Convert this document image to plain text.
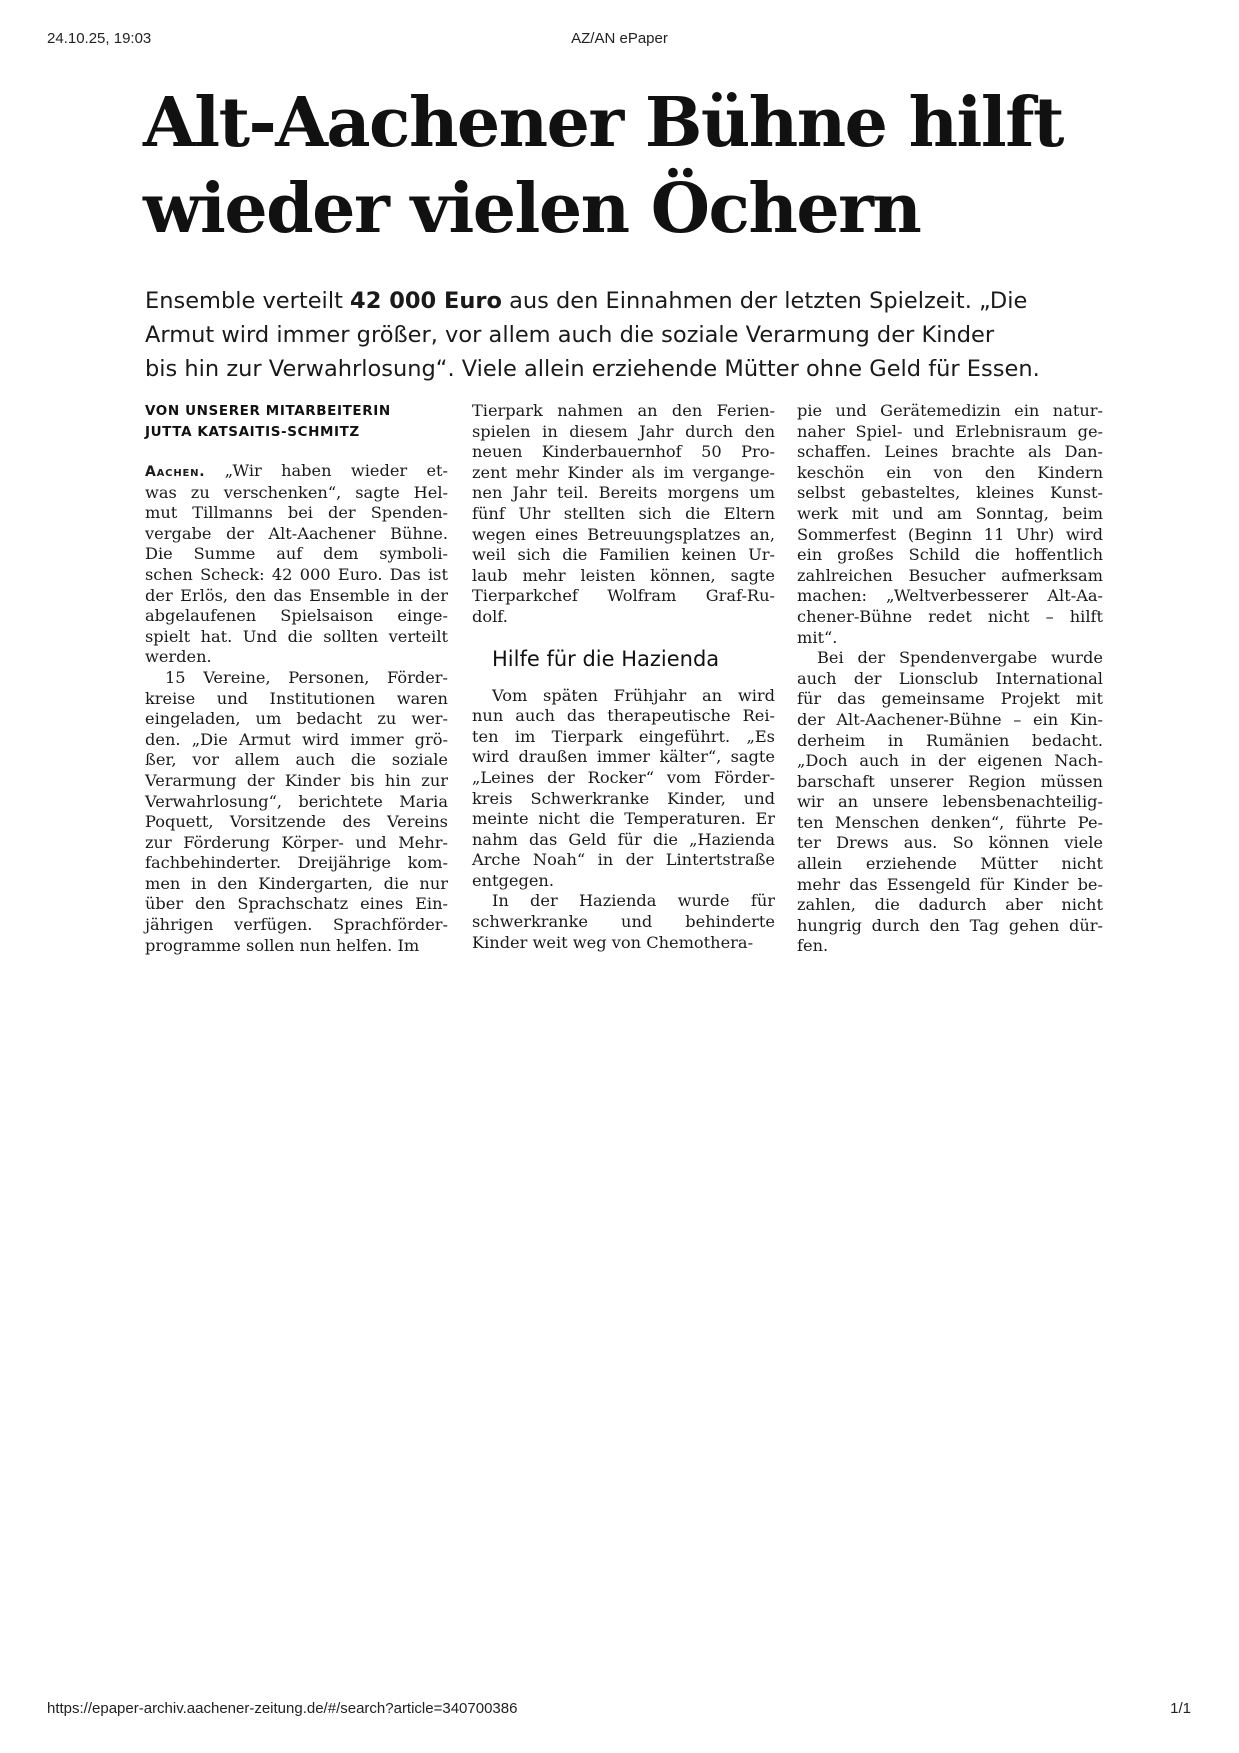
24.10.25, 19:03	AZ/AN ePaper
Alt-Aachener Bühne hilft
wieder vielen Öchern
Ensemble verteilt 42 000 Euro aus den Einnahmen der letzten Spielzeit. „Die
Armut wird immer größer, vor allem auch die soziale Verarmung der Kinder
bis hin zur Verwahrlosung“. Viele allein erziehende Mütter ohne Geld für Essen.
VON UNSERER MITARBEITERIN
JUTTA KATSAITIS-SCHMITZ

Aachen. „Wir haben wieder et-
was zu verschenken“, sagte Hel-
mut Tillmanns bei der Spenden-
vergabe der Alt-Aachener Bühne.
Die Summe auf dem symboli-
schen Scheck: 42 000 Euro. Das ist
der Erlös, den das Ensemble in der
abgelaufenen Spielsaison einge-
spielt hat. Und die sollten verteilt
werden.

15 Vereine, Personen, Förder-
kreise und Institutionen waren
eingeladen, um bedacht zu wer-
den. „Die Armut wird immer grö-
ßer, vor allem auch die soziale
Verarmung der Kinder bis hin zur
Verwahrlosung“, berichtete Maria
Poquett, Vorsitzende des Vereins
zur Förderung Körper- und Mehr-
fachbehinderter. Dreijährige kom-
men in den Kindergarten, die nur
über den Sprachschatz eines Ein-
jährigen verfügen. Sprachförder-
programme sollen nun helfen. Im

Tierpark nahmen an den Ferien-
spielen in diesem Jahr durch den
neuen Kinderbauernhof 50 Pro-
zent mehr Kinder als im vergange-
nen Jahr teil. Bereits morgens um
fünf Uhr stellten sich die Eltern
wegen eines Betreuungsplatzes an,
weil sich die Familien keinen Ur-
laub mehr leisten können, sagte
Tierparkchef Wolfram Graf-Ru-
dolf.

Hilfe für die Hazienda

Vom späten Frühjahr an wird
nun auch das therapeutische Rei-
ten im Tierpark eingeführt. „Es
wird draußen immer kälter“, sagte
„Leines der Rocker“ vom Förder-
kreis Schwerkranke Kinder, und
meinte nicht die Temperaturen. Er
nahm das Geld für die „Hazienda
Arche Noah“ in der Lintertstraße
entgegen.

In der Hazienda wurde für
schwerkranke und behinderte
Kinder weit weg von Chemothera-

pie und Gerätemedizin ein natur-
naher Spiel- und Erlebnisraum ge-
schaffen. Leines brachte als Dan-
keschön ein von den Kindern
selbst gebasteltes, kleines Kunst-
werk mit und am Sonntag, beim
Sommerfest (Beginn 11 Uhr) wird
ein großes Schild die hoffentlich
zahlreichen Besucher aufmerksam
machen: „Weltverbesserer Alt-Aa-
chener-Bühne redet nicht – hilft
mit“.

Bei der Spendenvergabe wurde
auch der Lionsclub International
für das gemeinsame Projekt mit
der Alt-Aachener-Bühne – ein Kin-
derheim in Rumänien bedacht.
„Doch auch in der eigenen Nach-
barschaft unserer Region müssen
wir an unsere lebensbenachteilig-
ten Menschen denken“, führte Pe-
ter Drews aus. So können viele
allein erziehende Mütter nicht
mehr das Essengeld für Kinder be-
zahlen, die dadurch aber nicht
hungrig durch den Tag gehen dür-
fen.

https://epaper-archiv.aachener-zeitung.de/#/search?article=340700386	1/1
